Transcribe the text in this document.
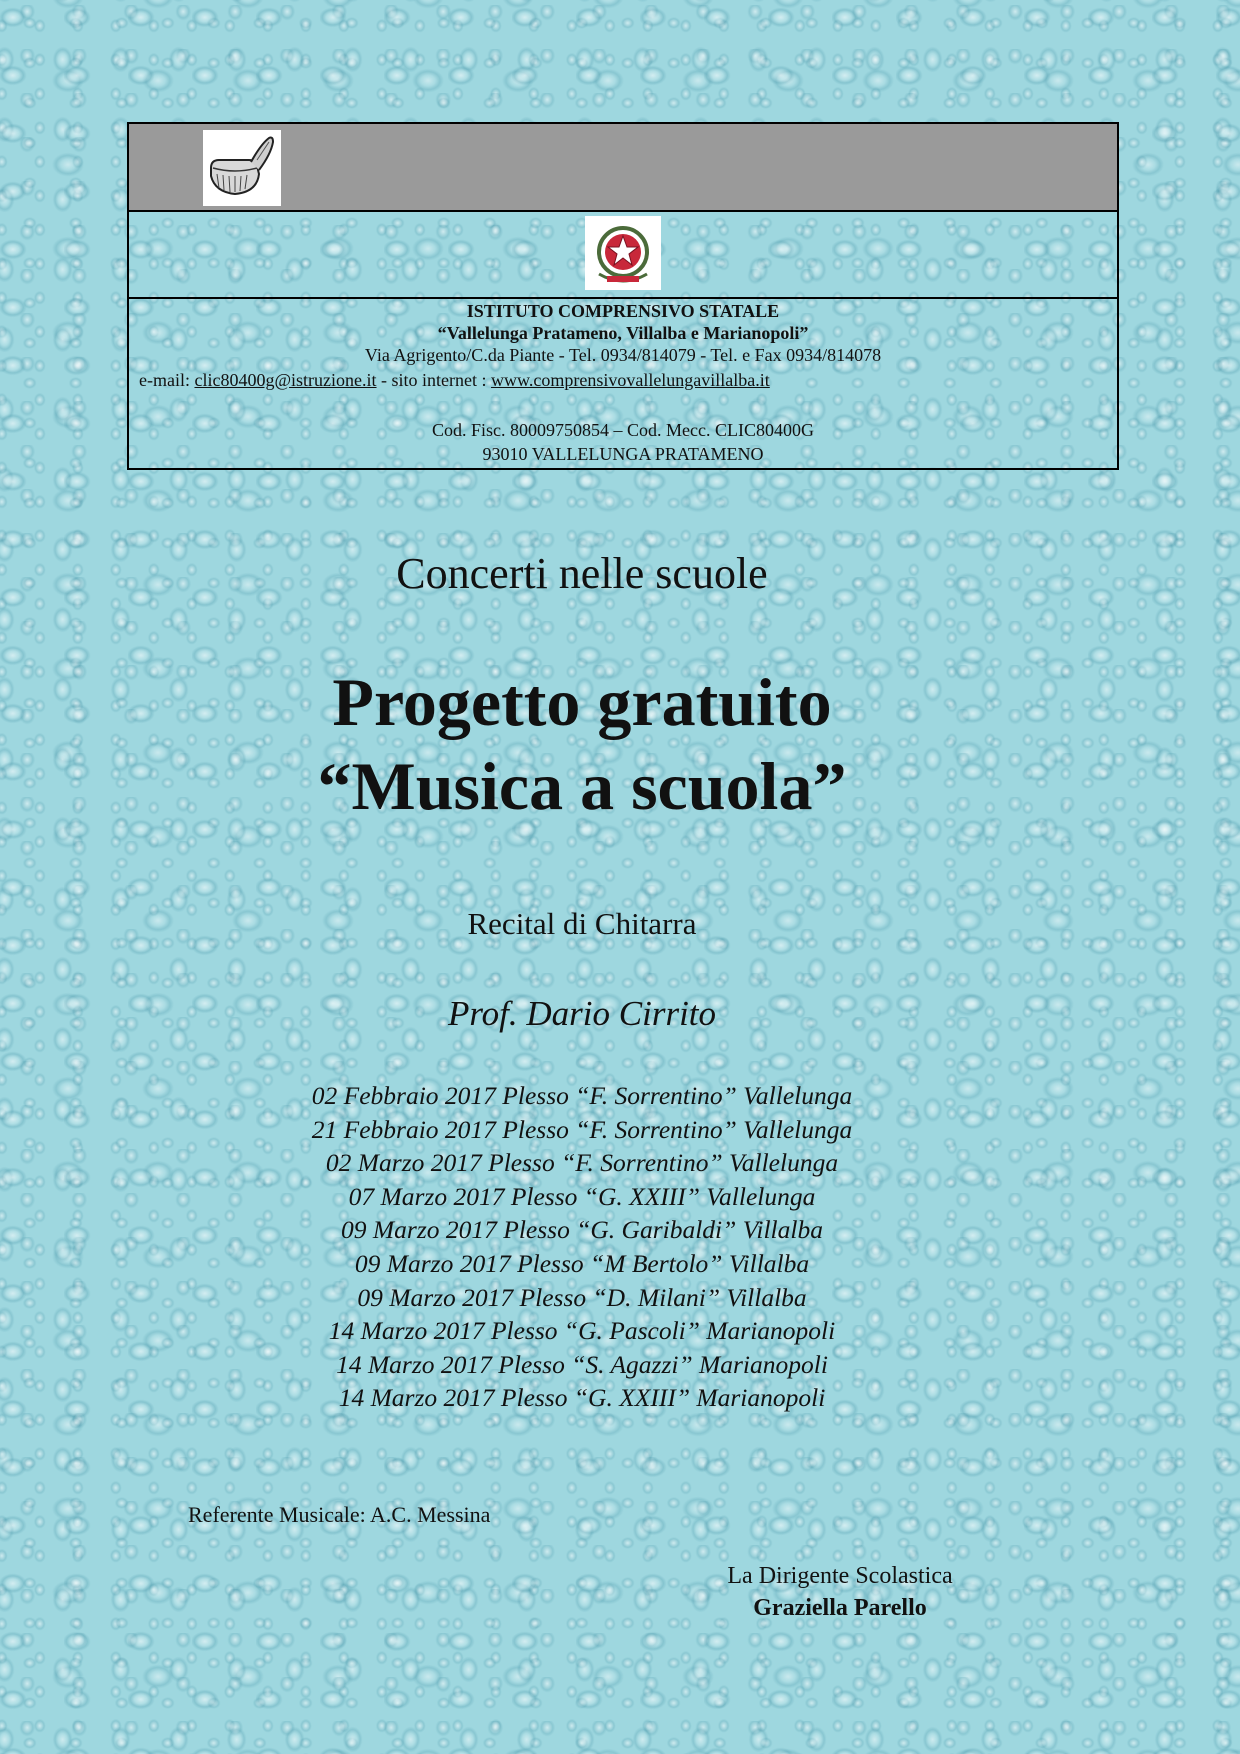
ISTITUTO COMPRENSIVO STATALE
“Vallelunga Pratameno, Villalba e Marianopoli”
Via Agrigento/C.da Piante - Tel. 0934/814079 - Tel. e Fax 0934/814078
e-mail: clic80400g@istruzione.it - sito internet : www.comprensivovallelungavillalba.it
Cod. Fisc. 80009750854 – Cod. Mecc. CLIC80400G
93010 VALLELUNGA PRATAMENO
Concerti nelle scuole
Progetto gratuito
“Musica a scuola”
Recital di Chitarra
Prof. Dario Cirrito
02 Febbraio 2017 Plesso “F. Sorrentino” Vallelunga
21 Febbraio 2017 Plesso “F. Sorrentino” Vallelunga
02 Marzo 2017 Plesso “F. Sorrentino” Vallelunga
07 Marzo 2017 Plesso “G. XXIII” Vallelunga
09 Marzo 2017 Plesso “G. Garibaldi” Villalba
09 Marzo 2017 Plesso “M Bertolo” Villalba
09 Marzo 2017 Plesso “D. Milani” Villalba
14 Marzo 2017 Plesso “G. Pascoli” Marianopoli
14 Marzo 2017 Plesso “S. Agazzi” Marianopoli
14 Marzo 2017 Plesso “G. XXIII” Marianopoli
Referente Musicale: A.C. Messina
La Dirigente Scolastica
Graziella Parello
